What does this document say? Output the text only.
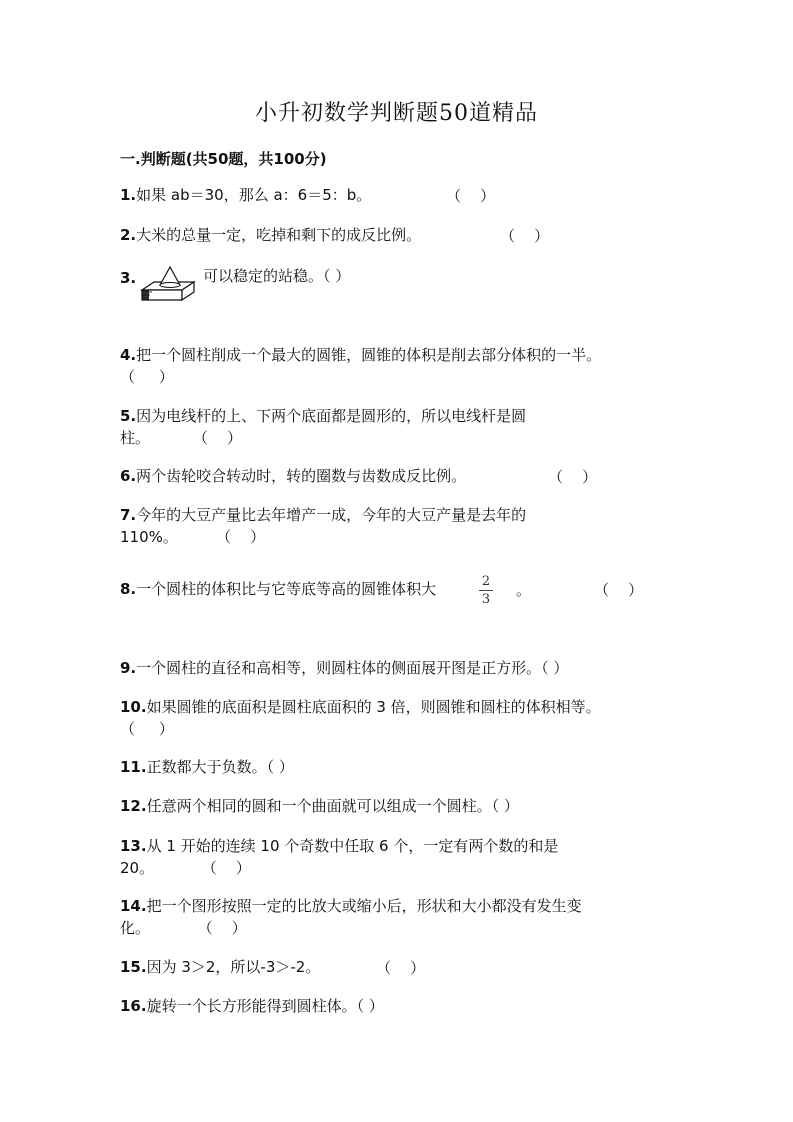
小升初数学判断题50道精品
一.判断题(共50题，共100分)
1.如果 ab＝30，那么 a：6＝5：b。	（    ）
2.大米的总量一定，吃掉和剩下的成反比例。	（    ）
3.	可以稳定的站稳。（ ）
4.把一个圆柱削成一个最大的圆锥，圆锥的体积是削去部分体积的一半。
（     ）
5.因为电线杆的上、下两个底面都是圆形的，所以电线杆是圆
柱。         （    ）
6.两个齿轮咬合转动时，转的圈数与齿数成反比例。	（    ）
7.今年的大豆产量比去年增产一成，今年的大豆产量是去年的
110%。        （    ）
8.一个圆柱的体积比与它等底等高的圆锥体积大	2
3
。	（    ）
9.一个圆柱的直径和高相等，则圆柱体的侧面展开图是正方形。（ ）
10.如果圆锥的底面积是圆柱底面积的 3 倍，则圆锥和圆柱的体积相等。
（     ）
11.正数都大于负数。（ ）
12.任意两个相同的圆和一个曲面就可以组成一个圆柱。（ ）
13.从 1 开始的连续 10 个奇数中任取 6 个，一定有两个数的和是
20。          （    ）
14.把一个图形按照一定的比放大或缩小后，形状和大小都没有发生变
化。          （    ）
15.因为 3＞2，所以-3＞-2。	（    ）
16.旋转一个长方形能得到圆柱体。（ ）
